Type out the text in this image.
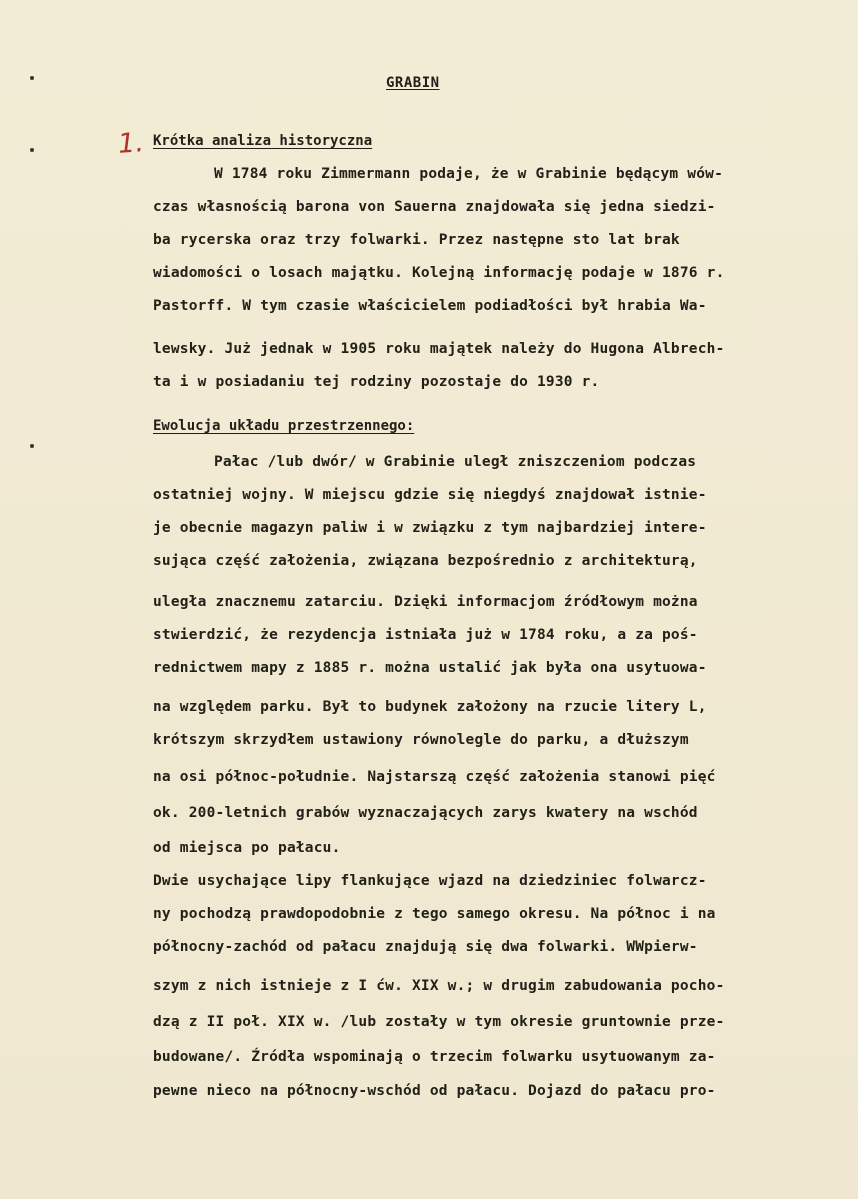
GRABIN
1. Krótka analiza historyczna
W 1784 roku Zimmermann podaje, że w Grabinie będącym wów-
czas własnością barona von Sauerna znajdowała się jedna siedzi-
ba rycerska oraz trzy folwarki. Przez następne sto lat brak
wiadomości o losach majątku. Kolejną informację podaje w 1876 r.
Pastorff. W tym czasie właścicielem podiadłości był hrabia Wa-
lewsky. Już jednak w 1905 roku majątek należy do Hugona Albrech-
ta i w posiadaniu tej rodziny pozostaje do 1930 r.
Ewolucja układu przestrzennego:
Pałac /lub dwór/ w Grabinie uległ zniszczeniom podczas
ostatniej wojny. W miejscu gdzie się niegdyś znajdował istnie-
je obecnie magazyn paliw i w związku z tym najbardziej intere-
sująca część założenia, związana bezpośrednio z architekturą,
uległa znacznemu zatarciu. Dzięki informacjom źródłowym można
stwierdzić, że rezydencja istniała już w 1784 roku, a za poś-
rednictwem mapy z 1885 r. można ustalić jak była ona usytuowa-
na względem parku. Był to budynek założony na rzucie litery L,
krótszym skrzydłem ustawiony równolegle do parku, a dłuższym
na osi północ-południe. Najstarszą część założenia stanowi pięć
ok. 200-letnich grabów wyznaczających zarys kwatery na wschód
od miejsca po pałacu.
Dwie usychające lipy flankujące wjazd na dziedziniec folwarcz-
ny pochodzą prawdopodobnie z tego samego okresu. Na północ i na
północny-zachód od pałacu znajdują się dwa folwarki. WWpierw-
szym z nich istnieje z I ćw. XIX w.; w drugim zabudowania pocho-
dzą z II poł. XIX w. /lub zostały w tym okresie gruntownie prze-
budowane/. Źródła wspominają o trzecim folwarku usytuowanym za-
pewne nieco na północny-wschód od pałacu. Dojazd do pałacu pro-
